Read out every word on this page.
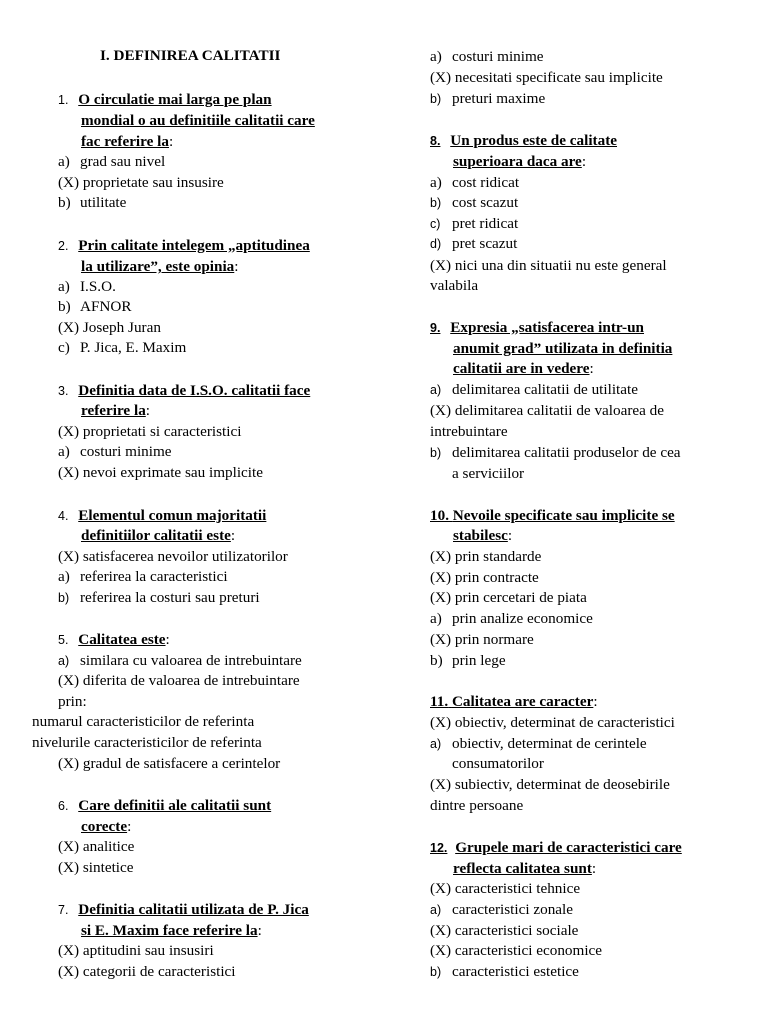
I. DEFINIREA CALITATII
1. O circulatie mai larga pe plan
mondial o au definitiile calitatii care
fac referire la:
a) grad sau nivel
(X) proprietate sau insusire
b) utilitate
2. Prin calitate intelegem „aptitudinea
la utilizare”, este opinia:
a) I.S.O.
b) AFNOR
(X) Joseph Juran
c) P. Jica, E. Maxim
3. Definitia data de I.S.O. calitatii face
referire la:
(X) proprietati si caracteristici
a) costuri minime
(X) nevoi exprimate sau implicite
4. Elementul comun majoritatii
definitiilor calitatii este:
(X) satisfacerea nevoilor utilizatorilor
a) referirea la caracteristici
b) referirea la costuri sau preturi
5. Calitatea este:
a) similara cu valoarea de intrebuintare
(X) diferita de valoarea de intrebuintare
prin:
numarul caracteristicilor de referinta
nivelurile caracteristicilor de referinta
(X) gradul de satisfacere a cerintelor
6. Care definitii ale calitatii sunt
corecte:
(X) analitice
(X) sintetice
7. Definitia calitatii utilizata de P. Jica
si E. Maxim face referire la:
(X) aptitudini sau insusiri
(X) categorii de caracteristici
a) costuri minime
(X) necesitati specificate sau implicite
b) preturi maxime
8. Un produs este de calitate
superioara daca are:
a) cost ridicat
b) cost scazut
c) pret ridicat
d) pret scazut
(X) nici una din situatii nu este general
valabila
9. Expresia „satisfacerea intr-un
anumit grad” utilizata in definitia
calitatii are in vedere:
a) delimitarea calitatii de utilitate
(X) delimitarea calitatii de valoarea de
intrebuintare
b) delimitarea calitatii produselor de cea
a serviciilor
10. Nevoile specificate sau implicite se
stabilesc:
(X) prin standarde
(X) prin contracte
(X) prin cercetari de piata
a) prin analize economice
(X) prin normare
b) prin lege
11. Calitatea are caracter:
(X) obiectiv, determinat de caracteristici
a) obiectiv, determinat de cerintele
consumatorilor
(X) subiectiv, determinat de deosebirile
dintre persoane
12. Grupele mari de caracteristici care
reflecta calitatea sunt:
(X) caracteristici tehnice
a) caracteristici zonale
(X) caracteristici sociale
(X) caracteristici economice
b) caracteristici estetice
